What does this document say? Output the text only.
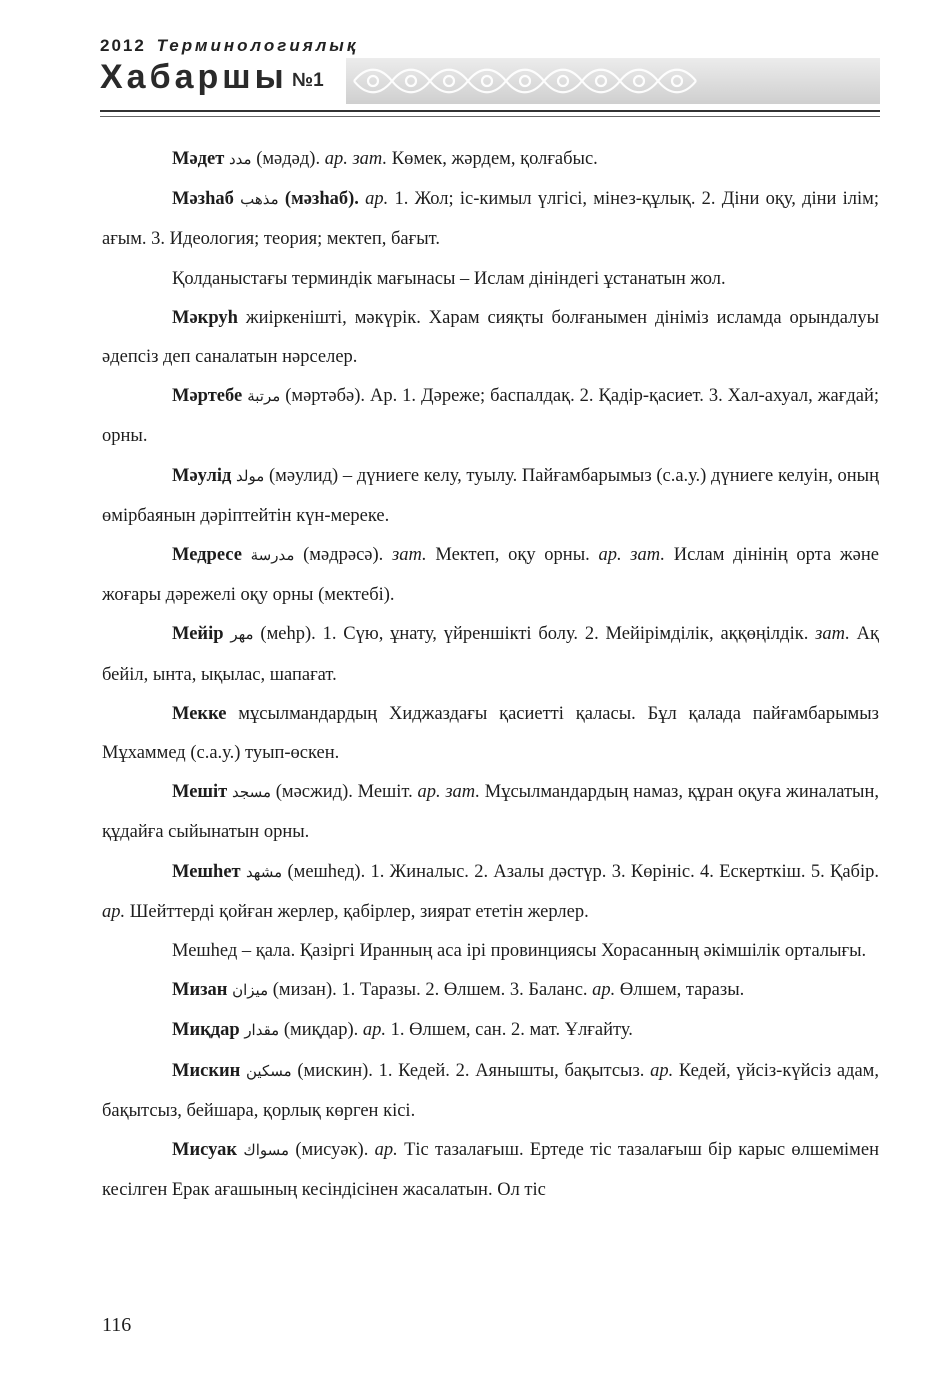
2012 Терминологиялық
Хабаршы №1

Мәдет مدد (мәдәд). ар. зат. Көмек, жәрдем, қолғабыс.

Мәзһаб مذهب (мәзһаб). ар. 1. Жол; іс-кимыл үлгісі, мінез-құлық. 2. Діни оқу, діни ілім; ағым. 3. Идеология; теория; мектеп, бағыт.

Қолданыстағы терминдік мағынасы – Ислам дініндегі ұстанатын жол.

Мәкруһ жиіркенішті, мәкүрік. Харам сияқты болғанымен дініміз исламда орындалуы әдепсіз деп саналатын нәрселер.

Мәртебе مرتبة (мәртәбә). Ар. 1. Дәреже; баспалдақ. 2. Қадір-қасиет. 3. Хал-ахуал, жағдай; орны.

Мәулід مولد (мәулид) – дүниеге келу, туылу. Пайғамбарымыз (с.а.у.) дүниеге келуін, оның өмірбаянын дәріптейтін күн-мереке.

Медресе مدرسة (мәдрәсә). зат. Мектеп, оқу орны. ар. зат. Ислам дінінің орта және жоғары дәрежелі оқу орны (мектебі).

Мейір مهر (меһр). 1. Сүю, ұнату, үйреншікті болу. 2. Мейірімділік, аққөңілдік. зат. Ақ бейіл, ынта, ықылас, шапағат.

Мекке мұсылмандардың Хиджаздағы қасиетті қаласы. Бұл қалада пайғамбарымыз Мұхаммед (с.а.у.) туып-өскен.

Мешіт مسجد (мәсжид). Мешіт. ар. зат. Мұсылмандардың намаз, құран оқуға жиналатын, құдайға сыйынатын орны.

Мешһет مشهد (мешһед). 1. Жиналыс. 2. Азалы дәстүр. 3. Көрініс. 4. Ескерткіш. 5. Қабір. ар. Шейттерді қойған жерлер, қабірлер, зиярат ететін жерлер.

Мешһед – қала. Қазіргі Иранның аса ірі провинциясы Хорасанның әкімшілік орталығы.

Мизан ميزان (мизан). 1. Таразы. 2. Өлшем. 3. Баланс. ар. Өлшем, таразы.

Миқдар مقدار (миқдар). ар. 1. Өлшем, сан. 2. мат. Ұлғайту.

Мискин مسكين (мискин). 1. Кедей. 2. Аянышты, бақытсыз. ар. Кедей, үйсіз-күйсіз адам, бақытсыз, бейшара, қорлық көрген кісі.

Мисуак مسواك (мисуәк). ар. Тіс тазалағыш. Ертеде тіс тазалағыш бір карыс өлшемімен кесілген Ерак ағашының кесіндісінен жасалатын. Ол тіс

116
